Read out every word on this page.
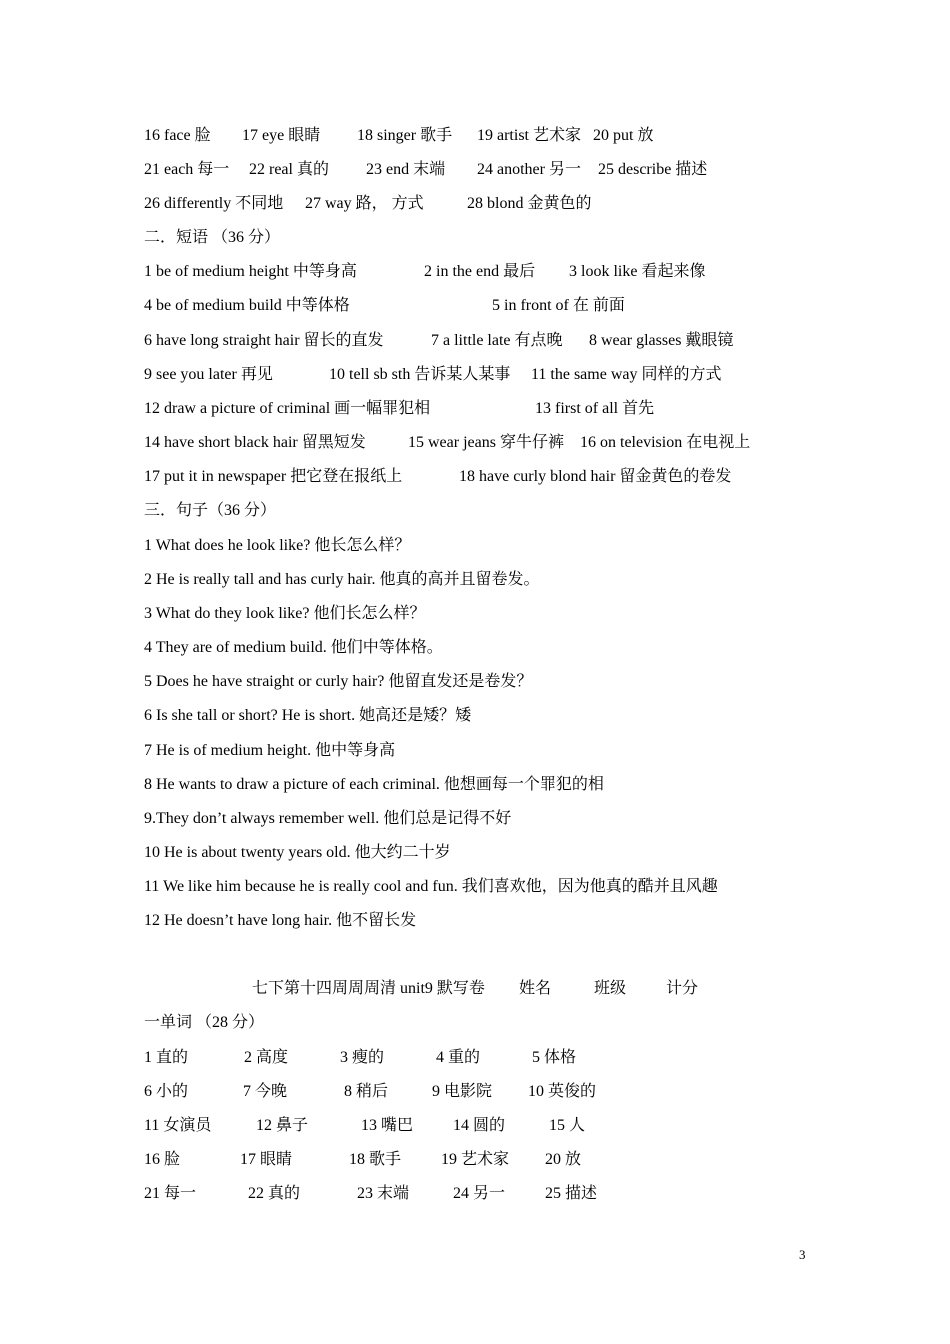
16 face 脸 17 eye 眼睛 18 singer 歌手 19 artist 艺术家 20 put 放
21 each 每一 22 real 真的 23 end 末端 24 another 另一 25 describe 描述
26 differently 不同地 27 way 路， 方式	28 blond 金黄色的
二．短语 （36 分）
1 be of medium height 中等身高	2 in the end 最后 3 look like 看起来像
4 be of medium build 中等体格	5 in front of 在 前面
6 have long straight hair 留长的直发	7 a little late 有点晚 8 wear glasses 戴眼镜
9 see you later 再见	10 tell sb sth 告诉某人某事 11 the same way 同样的方式
12 draw a picture of criminal 画一幅罪犯相	13 first of all 首先
14 have short black hair 留黑短发	15 wear jeans 穿牛仔裤 16 on television 在电视上
17 put it in newspaper 把它登在报纸上	18 have curly blond hair 留金黄色的卷发
三．句子（36 分）
1 What does he look like? 他长怎么样？
2 He is really tall and has curly hair. 他真的高并且留卷发。
3 What do they look like? 他们长怎么样？
4 They are of medium build. 他们中等体格。
5 Does he have straight or curly hair? 他留直发还是卷发？
6 Is she tall or short? He is short. 她高还是矮？矮
7 He is of medium height. 他中等身高
8 He wants to draw a picture of each criminal. 他想画每一个罪犯的相
9.They don’t always remember well. 他们总是记得不好
10 He is about twenty years old. 他大约二十岁
11 We like him because he is really cool and fun. 我们喜欢他，因为他真的酷并且风趣
12 He doesn’t have long hair. 他不留长发
七下第十四周周周清 unit9 默写卷 姓名	班级 计分
一单词 （28 分）
1 直的	2 高度	3 瘦的	4 重的	5 体格
6 小的	7 今晚	8 稍后	9 电影院 10 英俊的
11 女演员	12 鼻子	13 嘴巴 14 圆的	15 人
16 脸	17 眼睛	18 歌手 19 艺术家 20 放
21 每一	22 真的	23 末端	24 另一 25 描述
3
